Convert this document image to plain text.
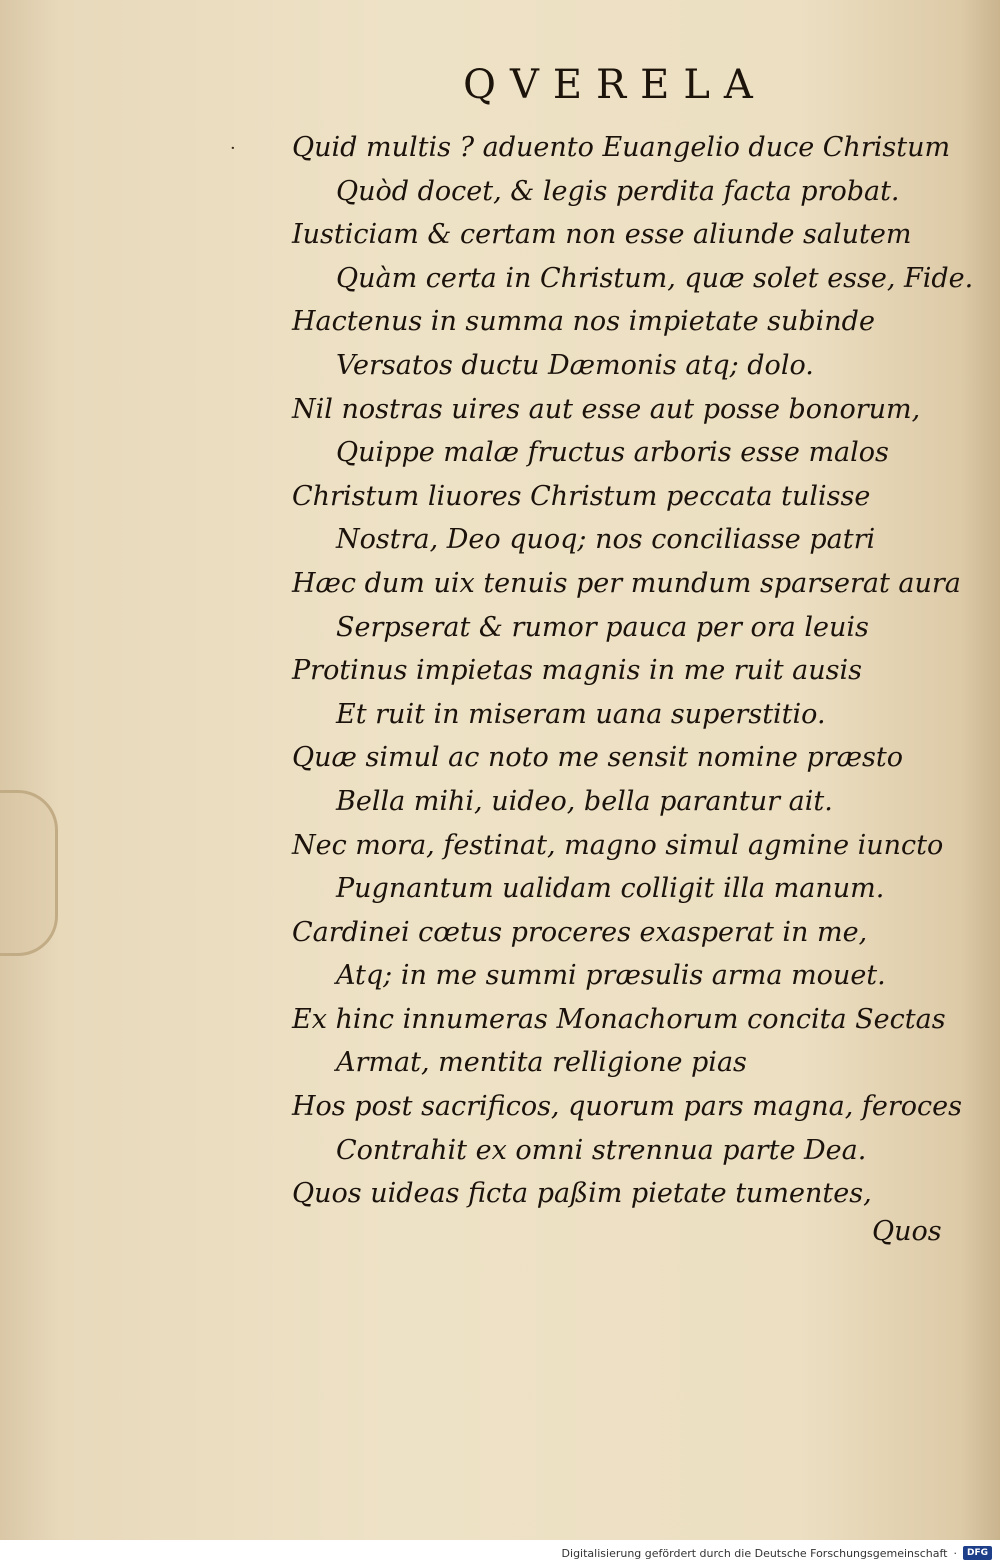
·
QVERELA
Quid multis ? aduento Euangelio duce Christum
Quòd docet, & legis perdita facta probat.
Iusticiam & certam non esse aliunde salutem
Quàm certa in Christum, quæ solet esse, Fide.
Hactenus in summa nos impietate subinde
Versatos ductu Dæmonis atq; dolo.
Nil nostras uires aut esse aut posse bonorum,
Quippe malæ fructus arboris esse malos
Christum liuores Christum peccata tulisse
Nostra, Deo quoq; nos conciliasse patri
Hæc dum uix tenuis per mundum sparserat aura
Serpserat & rumor pauca per ora leuis
Protinus impietas magnis in me ruit ausis
Et ruit in miseram uana superstitio.
Quæ simul ac noto me sensit nomine præsto
Bella mihi, uideo, bella parantur ait.
Nec mora, festinat, magno simul agmine iuncto
Pugnantum ualidam colligit illa manum.
Cardinei cœtus proceres exasperat in me,
Atq; in me summi præsulis arma mouet.
Ex hinc innumeras Monachorum concita Sectas
Armat, mentita relligione pias
Hos post sacrificos, quorum pars magna, feroces
Contrahit ex omni strennua parte Dea.
Quos uideas ficta paßim pietate tumentes,
Quos
Digitalisierung gefördert durch die Deutsche Forschungsgemeinschaft ·	DFG
